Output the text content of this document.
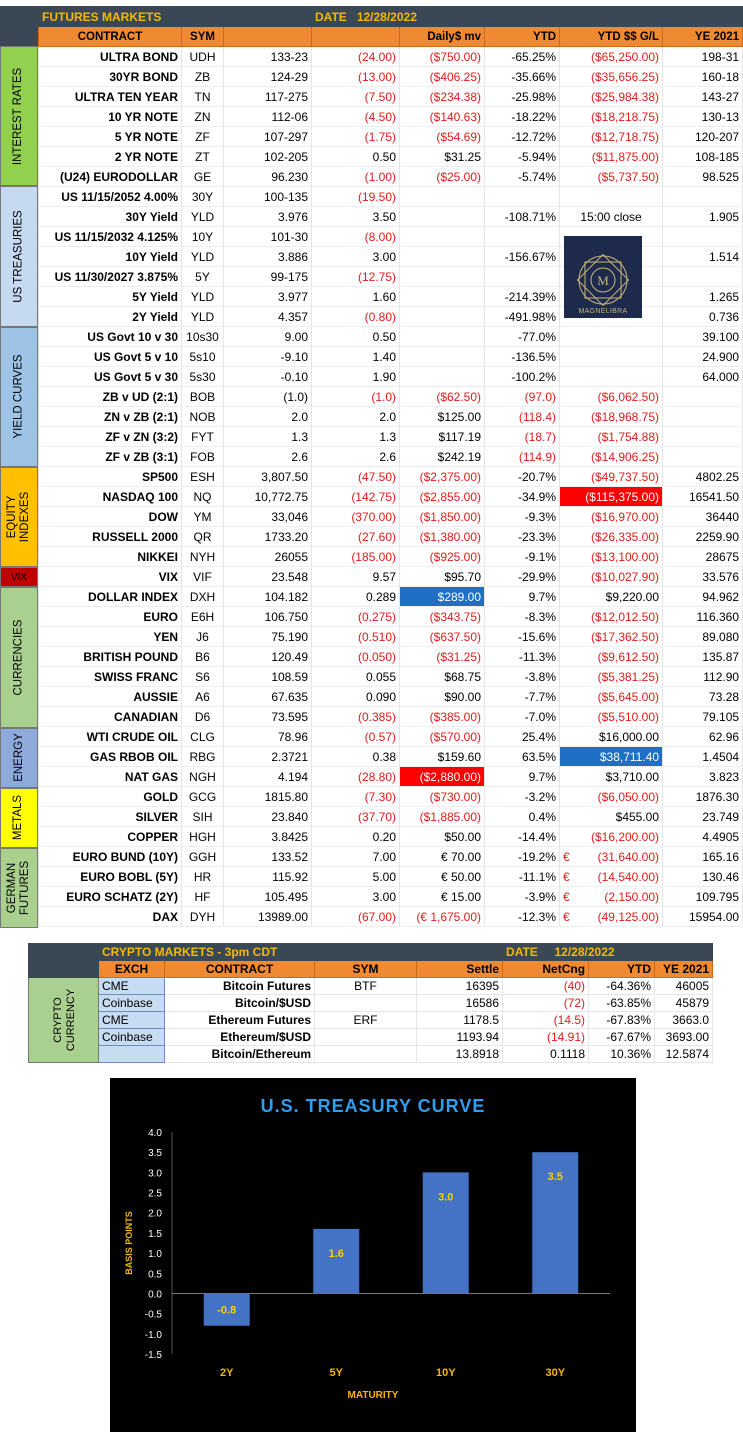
INTEREST RATES
US TREASURIES
YIELD CURVES
EQUITY INDEXES
VIX
CURRENCIES
ENERGY
METALS
GERMAN FUTURES
FUTURES MARKETS			DATE 12/28/2022				
CONTRACT	SYM			Daily$ mv	YTD	YTD $$ G/L	YE 2021
ULTRA BOND	UDH	133-23	(24.00)	($750.00)	-65.25%	($65,250.00)	198-31
30YR BOND	ZB	124-29	(13.00)	($406.25)	-35.66%	($35,656.25)	160-18
ULTRA TEN YEAR	TN	117-275	(7.50)	($234.38)	-25.98%	($25,984.38)	143-27
10 YR NOTE	ZN	112-06	(4.50)	($140.63)	-18.22%	($18,218.75)	130-13
5 YR NOTE	ZF	107-297	(1.75)	($54.69)	-12.72%	($12,718.75)	120-207
2 YR NOTE	ZT	102-205	0.50	$31.25	-5.94%	($11,875.00)	108-185
(U24) EURODOLLAR	GE	96.230	(1.00)	($25.00)	-5.74%	($5,737.50)	98.525
US 11/15/2052 4.00%	30Y	100-135	(19.50)				
30Y Yield	YLD	3.976	3.50		-108.71%	15:00 close	1.905
US 11/15/2032 4.125%	10Y	101-30	(8.00)				
10Y Yield	YLD	3.886	3.00		-156.67%		1.514
US 11/30/2027 3.875%	5Y	99-175	(12.75)				
5Y Yield	YLD	3.977	1.60		-214.39%		1.265
2Y Yield	YLD	4.357	(0.80)		-491.98%		0.736
US Govt 10 v 30	10s30	9.00	0.50		-77.0%		39.100
US Govt 5 v 10	5s10	-9.10	1.40		-136.5%		24.900
US Govt 5 v 30	5s30	-0.10	1.90		-100.2%		64.000
ZB v UD (2:1)	BOB	(1.0)	(1.0)	($62.50)	(97.0)	($6,062.50)	
ZN v ZB (2:1)	NOB	2.0	2.0	$125.00	(118.4)	($18,968.75)	
ZF v ZN (3:2)	FYT	1.3	1.3	$117.19	(18.7)	($1,754.88)	
ZF v ZB (3:1)	FOB	2.6	2.6	$242.19	(114.9)	($14,906.25)	
SP500	ESH	3,807.50	(47.50)	($2,375.00)	-20.7%	($49,737.50)	4802.25
NASDAQ 100	NQ	10,772.75	(142.75)	($2,855.00)	-34.9%	($115,375.00)	16541.50
DOW	YM	33,046	(370.00)	($1,850.00)	-9.3%	($16,970.00)	36440
RUSSELL 2000	QR	1733.20	(27.60)	($1,380.00)	-23.3%	($26,335.00)	2259.90
NIKKEI	NYH	26055	(185.00)	($925.00)	-9.1%	($13,100.00)	28675
VIX	VIF	23.548	9.57	$95.70	-29.9%	($10,027.90)	33.576
DOLLAR INDEX	DXH	104.182	0.289	$289.00	9.7%	$9,220.00	94.962
EURO	E6H	106.750	(0.275)	($343.75)	-8.3%	($12,012.50)	116.360
YEN	J6	75.190	(0.510)	($637.50)	-15.6%	($17,362.50)	89.080
BRITISH POUND	B6	120.49	(0.050)	($31.25)	-11.3%	($9,612.50)	135.87
SWISS FRANC	S6	108.59	0.055	$68.75	-3.8%	($5,381.25)	112.90
AUSSIE	A6	67.635	0.090	$90.00	-7.7%	($5,645.00)	73.28
CANADIAN	D6	73.595	(0.385)	($385.00)	-7.0%	($5,510.00)	79.105
WTI CRUDE OIL	CLG	78.96	(0.57)	($570.00)	25.4%	$16,000.00	62.96
GAS RBOB OIL	RBG	2.3721	0.38	$159.60	63.5%	$38,711.40	1.4504
NAT GAS	NGH	4.194	(28.80)	($2,880.00)	9.7%	$3,710.00	3.823
GOLD	GCG	1815.80	(7.30)	($730.00)	-3.2%	($6,050.00)	1876.30
SILVER	SIH	23.840	(37.70)	($1,885.00)	0.4%	$455.00	23.749
COPPER	HGH	3.8425	0.20	$50.00	-14.4%	($16,200.00)	4.4905
EURO BUND (10Y)	GGH	133.52	7.00	€ 70.00	-19.2%	€ (31,640.00)	165.16
EURO BOBL (5Y)	HR	115.92	5.00	€ 50.00	-11.1%	€ (14,540.00)	130.46
EURO SCHATZ (2Y)	HF	105.495	3.00	€ 15.00	-3.9%	€ (2,150.00)	109.795
DAX	DYH	13989.00	(67.00)	(€ 1,675.00)	-12.3%	€ (49,125.00)	15954.00
M
MAGNELIBRA
	CRYPTO MARKETS - 3pm CDT				DATE 12/28/2022		
	EXCH	CONTRACT	SYM	Settle	NetCng	YTD	YE 2021

CRYPTO CURRENCY	CME	Bitcoin Futures	BTF	16395	(40)	-64.36%	46005
	Coinbase	Bitcoin/$USD		16586	(72)	-63.85%	45879
	CME	Ethereum Futures	ERF	1178.5	(14.5)	-67.83%	3663.0
	Coinbase	Ethereum/$USD		1193.94	(14.91)	-67.67%	3693.00
		Bitcoin/Ethereum		13.8918	0.1118	10.36%	12.5874
U.S. TREASURY CURVE
4.0
3.5
3.0
2.5
2.0
1.5
1.0
0.5
0.0
-0.5
-1.0
-1.5
-0.8
2Y
1.6
5Y
3.0
10Y
3.5
30Y
MATURITY
BASIS POINTS
